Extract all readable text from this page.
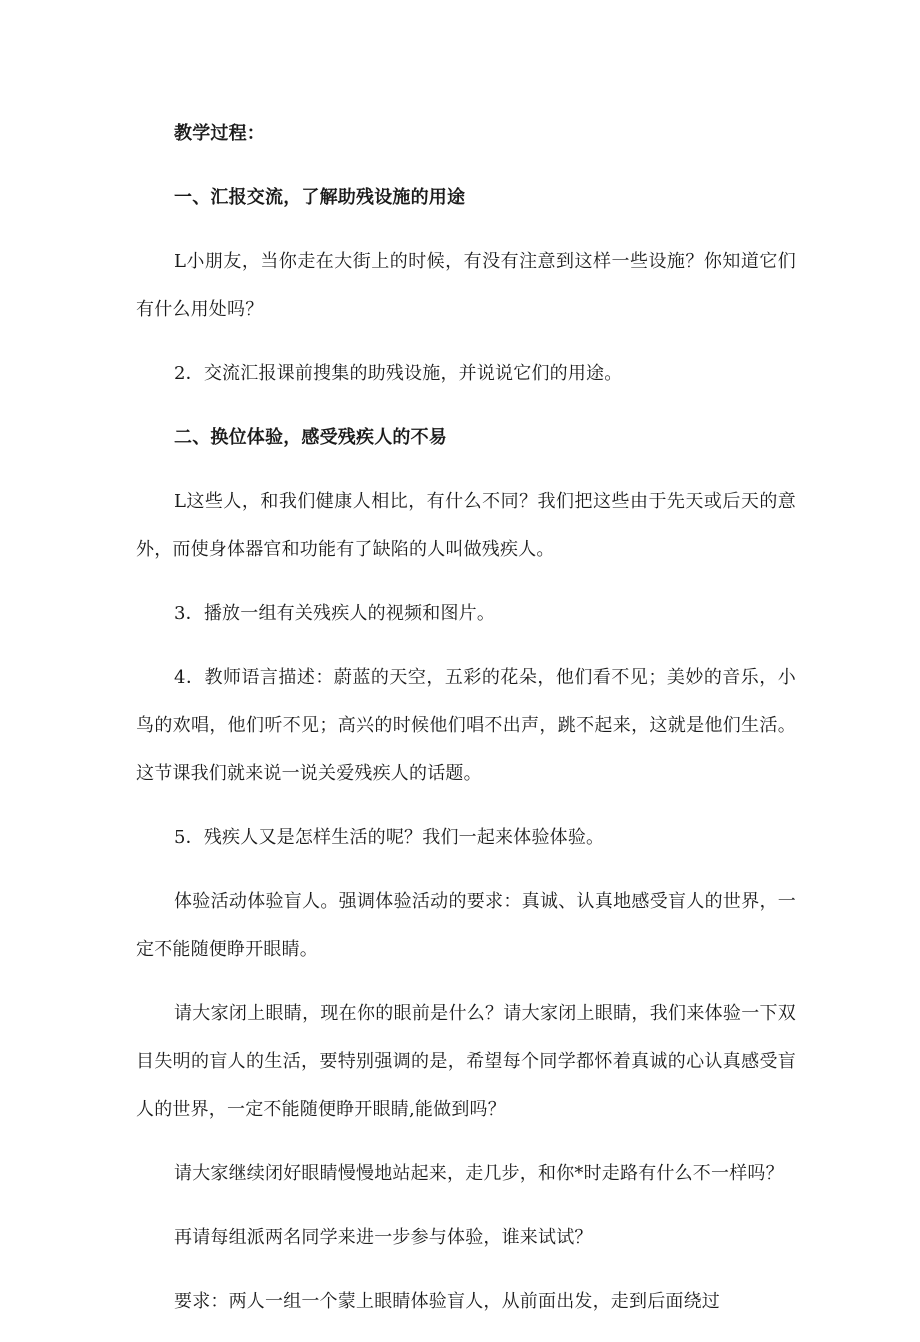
教学过程：

一、汇报交流，了解助残设施的用途

L小朋友，当你走在大街上的时候，有没有注意到这样一些设施？你知道它们有什么用处吗？

2．交流汇报课前搜集的助残设施，并说说它们的用途。

二、换位体验，感受残疾人的不易

L这些人，和我们健康人相比，有什么不同？我们把这些由于先天或后天的意外，而使身体器官和功能有了缺陷的人叫做残疾人。

3．播放一组有关残疾人的视频和图片。

4．教师语言描述：蔚蓝的天空，五彩的花朵，他们看不见；美妙的音乐，小鸟的欢唱，他们听不见；高兴的时候他们唱不出声，跳不起来，这就是他们生活。这节课我们就来说一说关爱残疾人的话题。

5．残疾人又是怎样生活的呢？我们一起来体验体验。

体验活动体验盲人。强调体验活动的要求：真诚、认真地感受盲人的世界，一定不能随便睁开眼睛。

请大家闭上眼睛，现在你的眼前是什么？请大家闭上眼睛，我们来体验一下双目失明的盲人的生活，要特别强调的是，希望每个同学都怀着真诚的心认真感受盲人的世界，一定不能随便睁开眼睛,能做到吗？

请大家继续闭好眼睛慢慢地站起来，走几步，和你*时走路有什么不一样吗？

再请每组派两名同学来进一步参与体验，谁来试试？

要求：两人一组一个蒙上眼睛体验盲人，从前面出发，走到后面绕过
